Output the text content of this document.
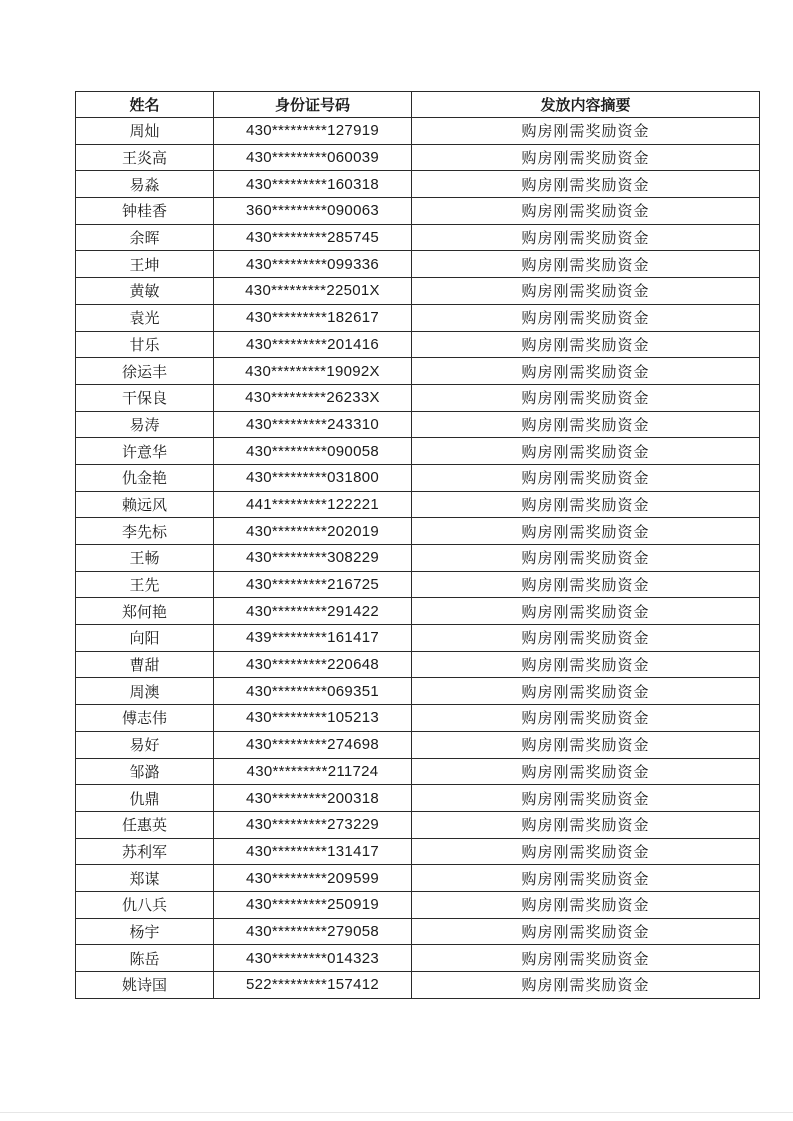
姓名	身份证号码	发放内容摘要
周灿	430*********127919	购房刚需奖励资金
王炎高	430*********060039	购房刚需奖励资金
易淼	430*********160318	购房刚需奖励资金
钟桂香	360*********090063	购房刚需奖励资金
余晖	430*********285745	购房刚需奖励资金
王坤	430*********099336	购房刚需奖励资金
黄敏	430*********22501X	购房刚需奖励资金
袁光	430*********182617	购房刚需奖励资金
甘乐	430*********201416	购房刚需奖励资金
徐运丰	430*********19092X	购房刚需奖励资金
干保良	430*********26233X	购房刚需奖励资金
易涛	430*********243310	购房刚需奖励资金
许意华	430*********090058	购房刚需奖励资金
仇金艳	430*********031800	购房刚需奖励资金
赖远风	441*********122221	购房刚需奖励资金
李先标	430*********202019	购房刚需奖励资金
王畅	430*********308229	购房刚需奖励资金
王先	430*********216725	购房刚需奖励资金
郑何艳	430*********291422	购房刚需奖励资金
向阳	439*********161417	购房刚需奖励资金
曹甜	430*********220648	购房刚需奖励资金
周澳	430*********069351	购房刚需奖励资金
傅志伟	430*********105213	购房刚需奖励资金
易好	430*********274698	购房刚需奖励资金
邹潞	430*********211724	购房刚需奖励资金
仇鼎	430*********200318	购房刚需奖励资金
任惠英	430*********273229	购房刚需奖励资金
苏利军	430*********131417	购房刚需奖励资金
郑谋	430*********209599	购房刚需奖励资金
仇八兵	430*********250919	购房刚需奖励资金
杨宇	430*********279058	购房刚需奖励资金
陈岳	430*********014323	购房刚需奖励资金
姚诗国	522*********157412	购房刚需奖励资金
